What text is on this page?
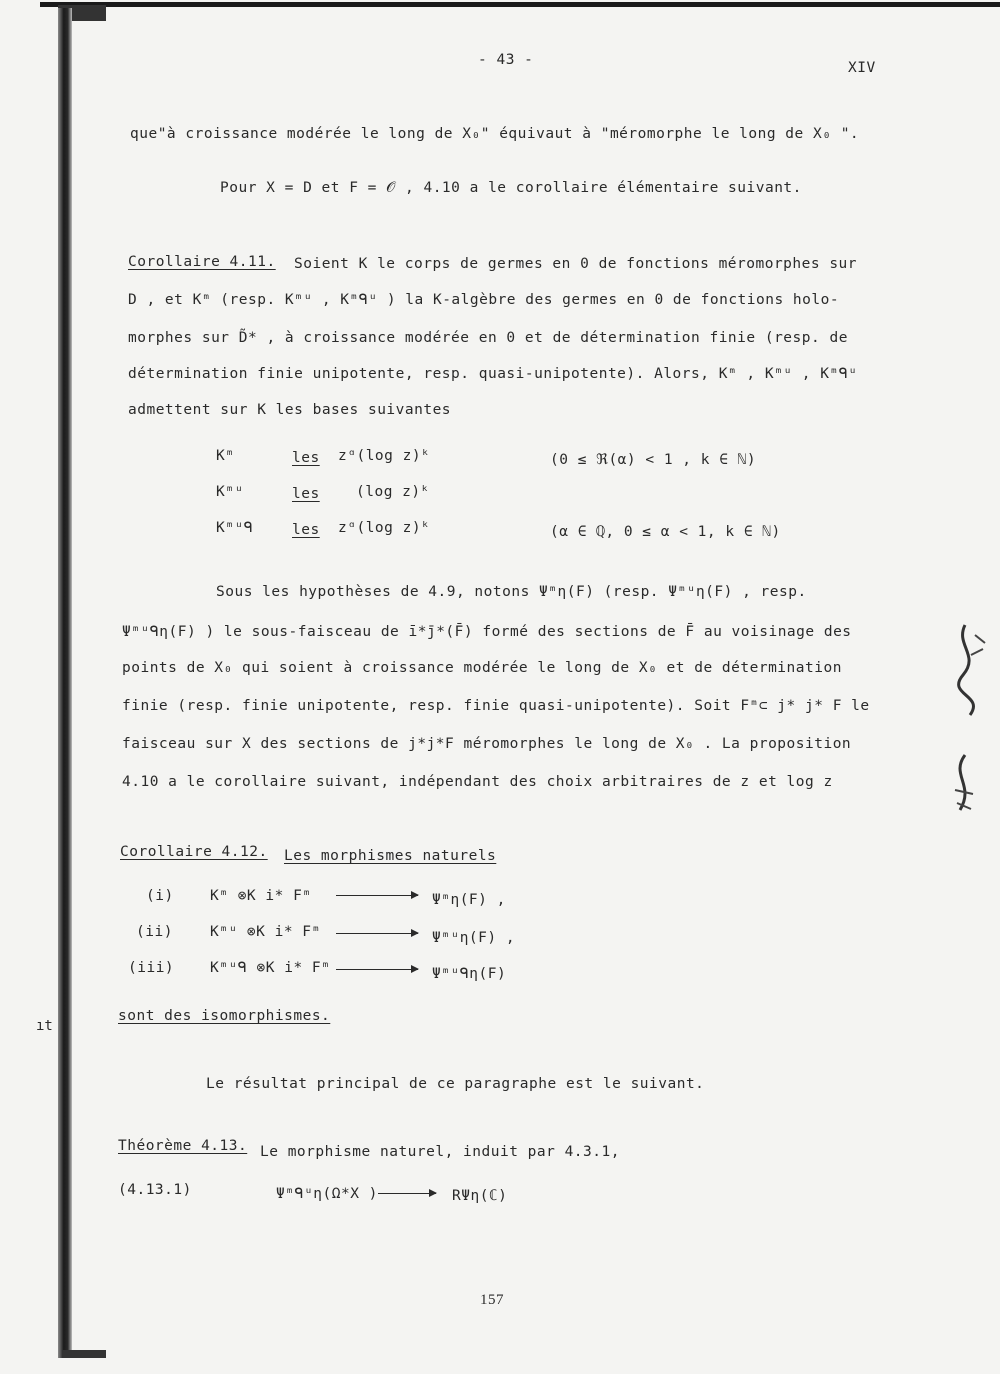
- 43 -	XIV
que"à croissance modérée le long de X₀" équivaut à "méromorphe le long de X₀ ".
Pour X = D et F = 𝒪 , 4.10 a le corollaire élémentaire suivant.
Corollaire 4.11. Soient K le corps de germes en 0 de fonctions méromorphes sur
D , et Kᵐ (resp. Kᵐᵘ , Kᵐᑫᵘ ) la K-algèbre des germes en 0 de fonctions holo-
morphes sur D̃* , à croissance modérée en 0 et de détermination finie (resp. de
détermination finie unipotente, resp. quasi-unipotente). Alors, Kᵐ , Kᵐᵘ , Kᵐᑫᵘ
admettent sur K les bases suivantes
Kᵐ	les zᵅ(log z)ᵏ	(0 ≤ ℜ(α) < 1 , k ∈ ℕ)
Kᵐᵘ	les	(log z)ᵏ
Kᵐᵘᑫ	les zᵅ(log z)ᵏ	(α ∈ ℚ, 0 ≤ α < 1, k ∈ ℕ)
Sous les hypothèses de 4.9, notons Ψᵐη(F) (resp. Ψᵐᵘη(F) , resp.
Ψᵐᵘᑫη(F) ) le sous-faisceau de ī*j̄*(F̄) formé des sections de F̄ au voisinage des
points de X₀ qui soient à croissance modérée le long de X₀ et de détermination
finie (resp. finie unipotente, resp. finie quasi-unipotente). Soit Fᵐ⊂ j* j* F le
faisceau sur X des sections de j*j*F méromorphes le long de X₀ . La proposition
4.10 a le corollaire suivant, indépendant des choix arbitraires de z et log z
Corollaire 4.12. Les morphismes naturels
(i)	Kᵐ ⊗K i* Fᵐ	Ψᵐη(F) ,
(ii)	Kᵐᵘ ⊗K i* Fᵐ	Ψᵐᵘη(F) ,
(iii) Kᵐᵘᑫ ⊗K i* Fᵐ	Ψᵐᵘᑫη(F)
sont des isomorphismes.
Le résultat principal de ce paragraphe est le suivant.
Théorème 4.13. Le morphisme naturel, induit par 4.3.1,
(4.13.1)	Ψᵐᑫᵘη(Ω*X )	RΨη(ℂ)
157
ıt
